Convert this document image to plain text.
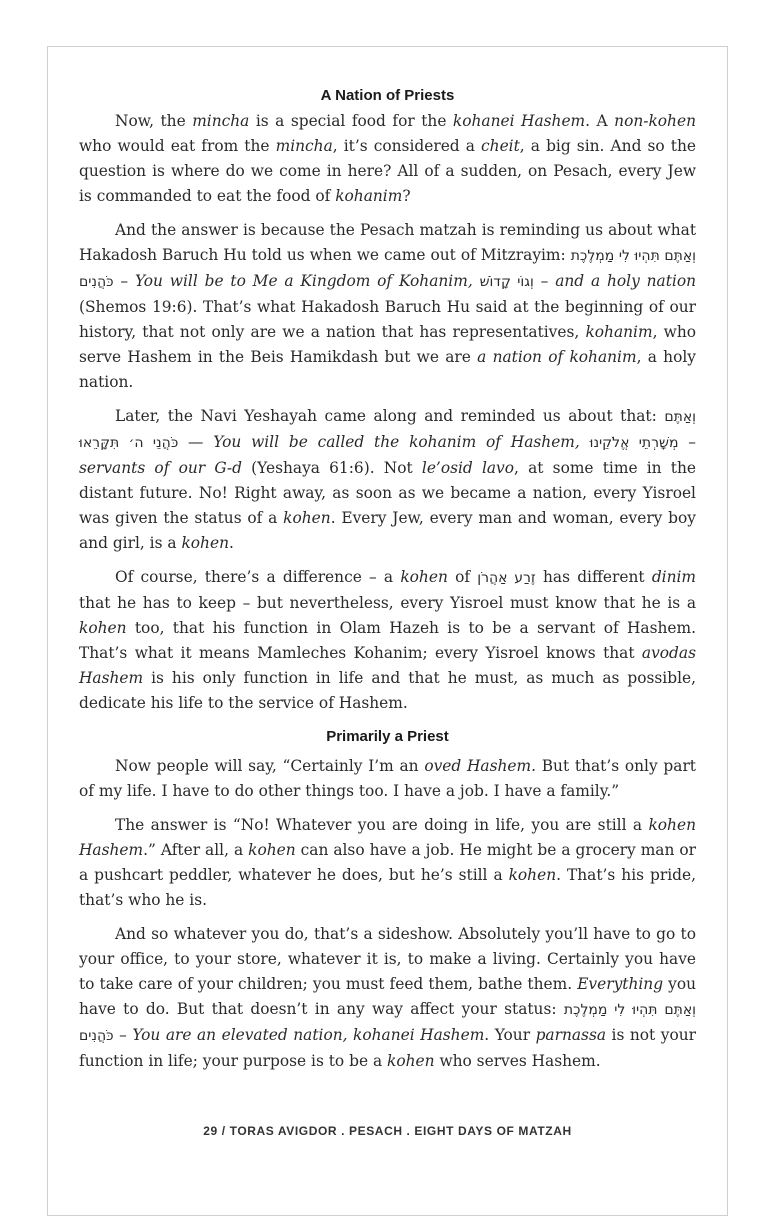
A Nation of Priests

Now, the mincha is a special food for the kohanei Hashem. A non-kohen who would eat from the mincha, it’s considered a cheit, a big sin. And so the question is where do we come in here? All of a sudden, on Pesach, every Jew is commanded to eat the food of kohanim?

And the answer is because the Pesach matzah is reminding us about what Hakadosh Baruch Hu told us when we came out of Mitzrayim: וְאַתֶּם תִּהְיוּ לִי מַמְלֶכֶת כֹּהֲנִים – You will be to Me a Kingdom of Kohanim, וְגוֹי קָדוֹשׁ – and a holy nation (Shemos 19:6). That’s what Hakadosh Baruch Hu said at the beginning of our history, that not only are we a nation that has representatives, kohanim, who serve Hashem in the Beis Hamikdash but we are a nation of kohanim, a holy nation.

Later, the Navi Yeshayah came along and reminded us about that: וְאַתֶּם כֹּהֲנֵי ה׳ תִּקָּרֵאוּ — You will be called the kohanim of Hashem, מְשָׁרְתֵי אֱלֹקֵינוּ – servants of our G-d (Yeshaya 61:6). Not le’osid lavo, at some time in the distant future. No! Right away, as soon as we became a nation, every Yisroel was given the status of a kohen. Every Jew, every man and woman, every boy and girl, is a kohen.

Of course, there’s a difference – a kohen of זֶרַע אַהֲרֹן has different dinim that he has to keep – but nevertheless, every Yisroel must know that he is a kohen too, that his function in Olam Hazeh is to be a servant of Hashem. That’s what it means Mamleches Kohanim; every Yisroel knows that avodas Hashem is his only function in life and that he must, as much as possible, dedicate his life to the service of Hashem.

Primarily a Priest

Now people will say, “Certainly I’m an oved Hashem. But that’s only part of my life. I have to do other things too. I have a job. I have a family.”

The answer is “No! Whatever you are doing in life, you are still a kohen Hashem.” After all, a kohen can also have a job. He might be a grocery man or a pushcart peddler, whatever he does, but he’s still a kohen. That’s his pride, that’s who he is.

And so whatever you do, that’s a sideshow. Absolutely you’ll have to go to your office, to your store, whatever it is, to make a living. Certainly you have to take care of your children; you must feed them, bathe them. Everything you have to do. But that doesn’t in any way affect your status: וְאַתֶּם תִּהְיוּ לִי מַמְלֶכֶת כֹּהֲנִים – You are an elevated nation, kohanei Hashem. Your parnassa is not your function in life; your purpose is to be a kohen who serves Hashem.

29 / TORAS AVIGDOR . PESACH . EIGHT DAYS OF MATZAH
